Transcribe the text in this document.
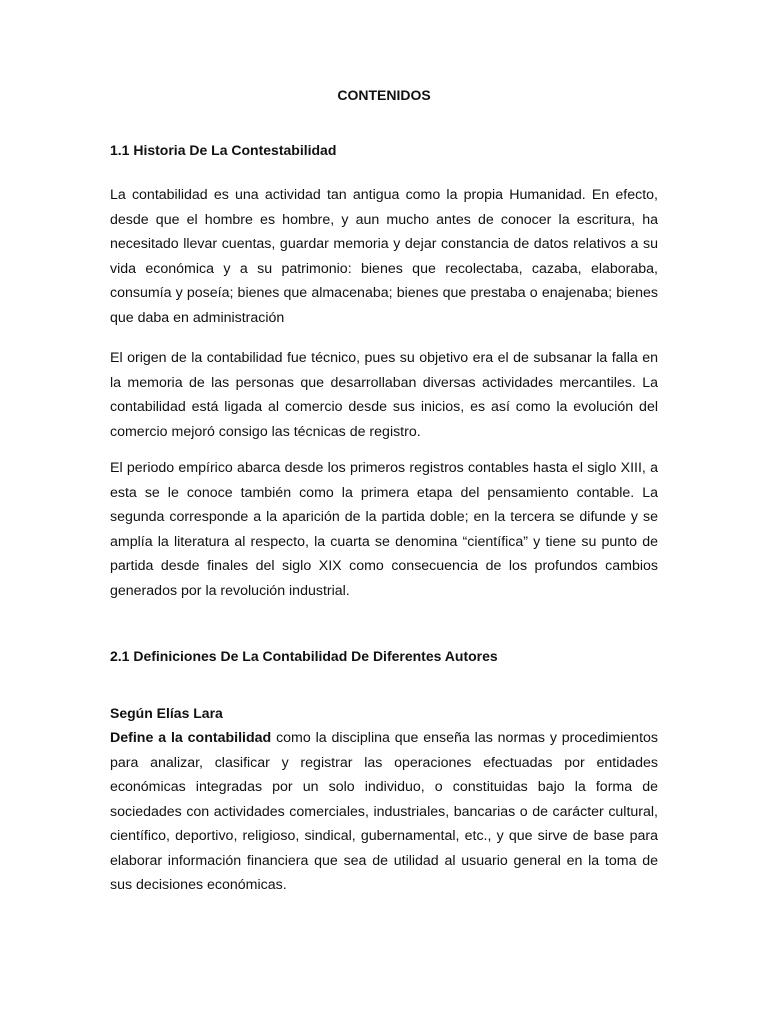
CONTENIDOS
1.1 Historia De La Contestabilidad

La contabilidad es una actividad tan antigua como la propia Humanidad. En efecto, desde que el hombre es hombre, y aun mucho antes de conocer la escritura, ha necesitado llevar cuentas, guardar memoria y dejar constancia de datos relativos a su vida económica y a su patrimonio: bienes que recolectaba, cazaba, elaboraba, consumía y poseía; bienes que almacenaba; bienes que prestaba o enajenaba; bienes que daba en administración

El origen de la contabilidad fue técnico, pues su objetivo era el de subsanar la falla en la memoria de las personas que desarrollaban diversas actividades mercantiles. La contabilidad está ligada al comercio desde sus inicios, es así como la evolución del comercio mejoró consigo las técnicas de registro.

El periodo empírico abarca desde los primeros registros contables hasta el siglo XIII, a esta se le conoce también como la primera etapa del pensamiento contable. La segunda corresponde a la aparición de la partida doble; en la tercera se difunde y se amplía la literatura al respecto, la cuarta se denomina “científica” y tiene su punto de partida desde finales del siglo XIX como consecuencia de los profundos cambios generados por la revolución industrial.

2.1 Definiciones De La Contabilidad De Diferentes Autores
Según Elías Lara

Define a la contabilidad como la disciplina que enseña las normas y procedimientos para analizar, clasificar y registrar las operaciones efectuadas por entidades económicas integradas por un solo individuo, o constituidas bajo la forma de sociedades con actividades comerciales, industriales, bancarias o de carácter cultural, científico, deportivo, religioso, sindical, gubernamental, etc., y que sirve de base para elaborar información financiera que sea de utilidad al usuario general en la toma de sus decisiones económicas.
